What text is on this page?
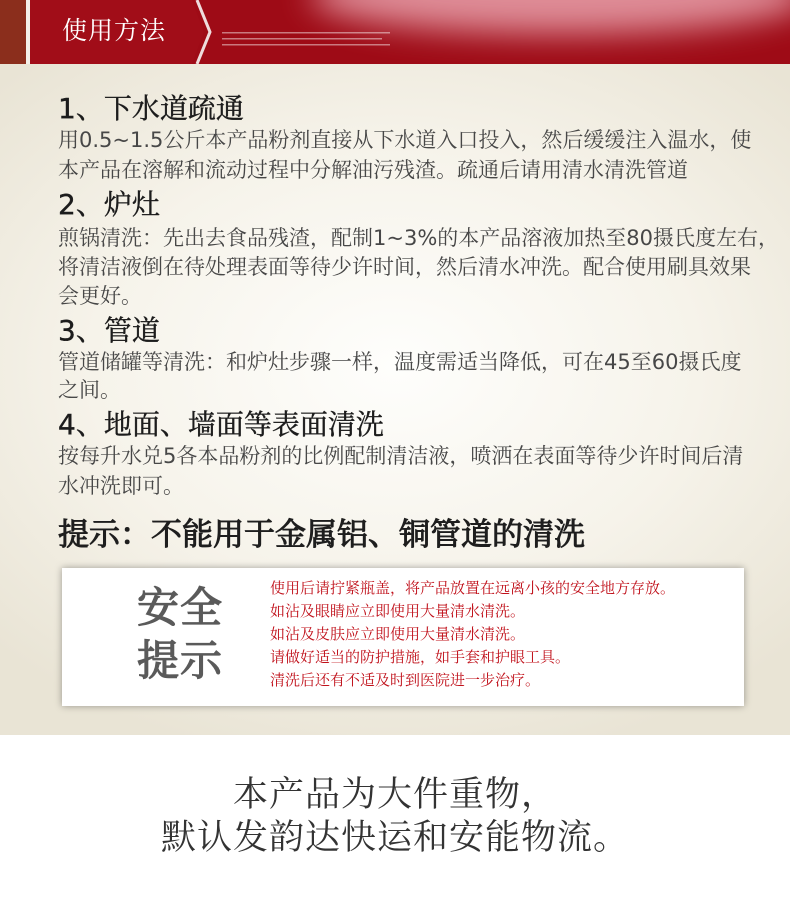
使用方法
1、下水道疏通
用0.5~1.5公斤本产品粉剂直接从下水道入口投入，然后缓缓注入温水，使
本产品在溶解和流动过程中分解油污残渣。疏通后请用清水清洗管道
2、炉灶
煎锅清洗：先出去食品残渣，配制1~3%的本产品溶液加热至80摄氏度左右，
将清洁液倒在待处理表面等待少许时间，然后清水冲洗。配合使用刷具效果
会更好。
3、管道
管道储罐等清洗：和炉灶步骤一样，温度需适当降低，可在45至60摄氏度
之间。
4、地面、墙面等表面清洗
按每升水兑5各本品粉剂的比例配制清洁液，喷洒在表面等待少许时间后清
水冲洗即可。
提示：不能用于金属铝、铜管道的清洗
安全
提示
使用后请拧紧瓶盖，将产品放置在远离小孩的安全地方存放。
如沾及眼睛应立即使用大量清水清洗。
如沾及皮肤应立即使用大量清水清洗。
请做好适当的防护措施，如手套和护眼工具。
清洗后还有不适及时到医院进一步治疗。
本产品为大件重物，
默认发韵达快运和安能物流。
